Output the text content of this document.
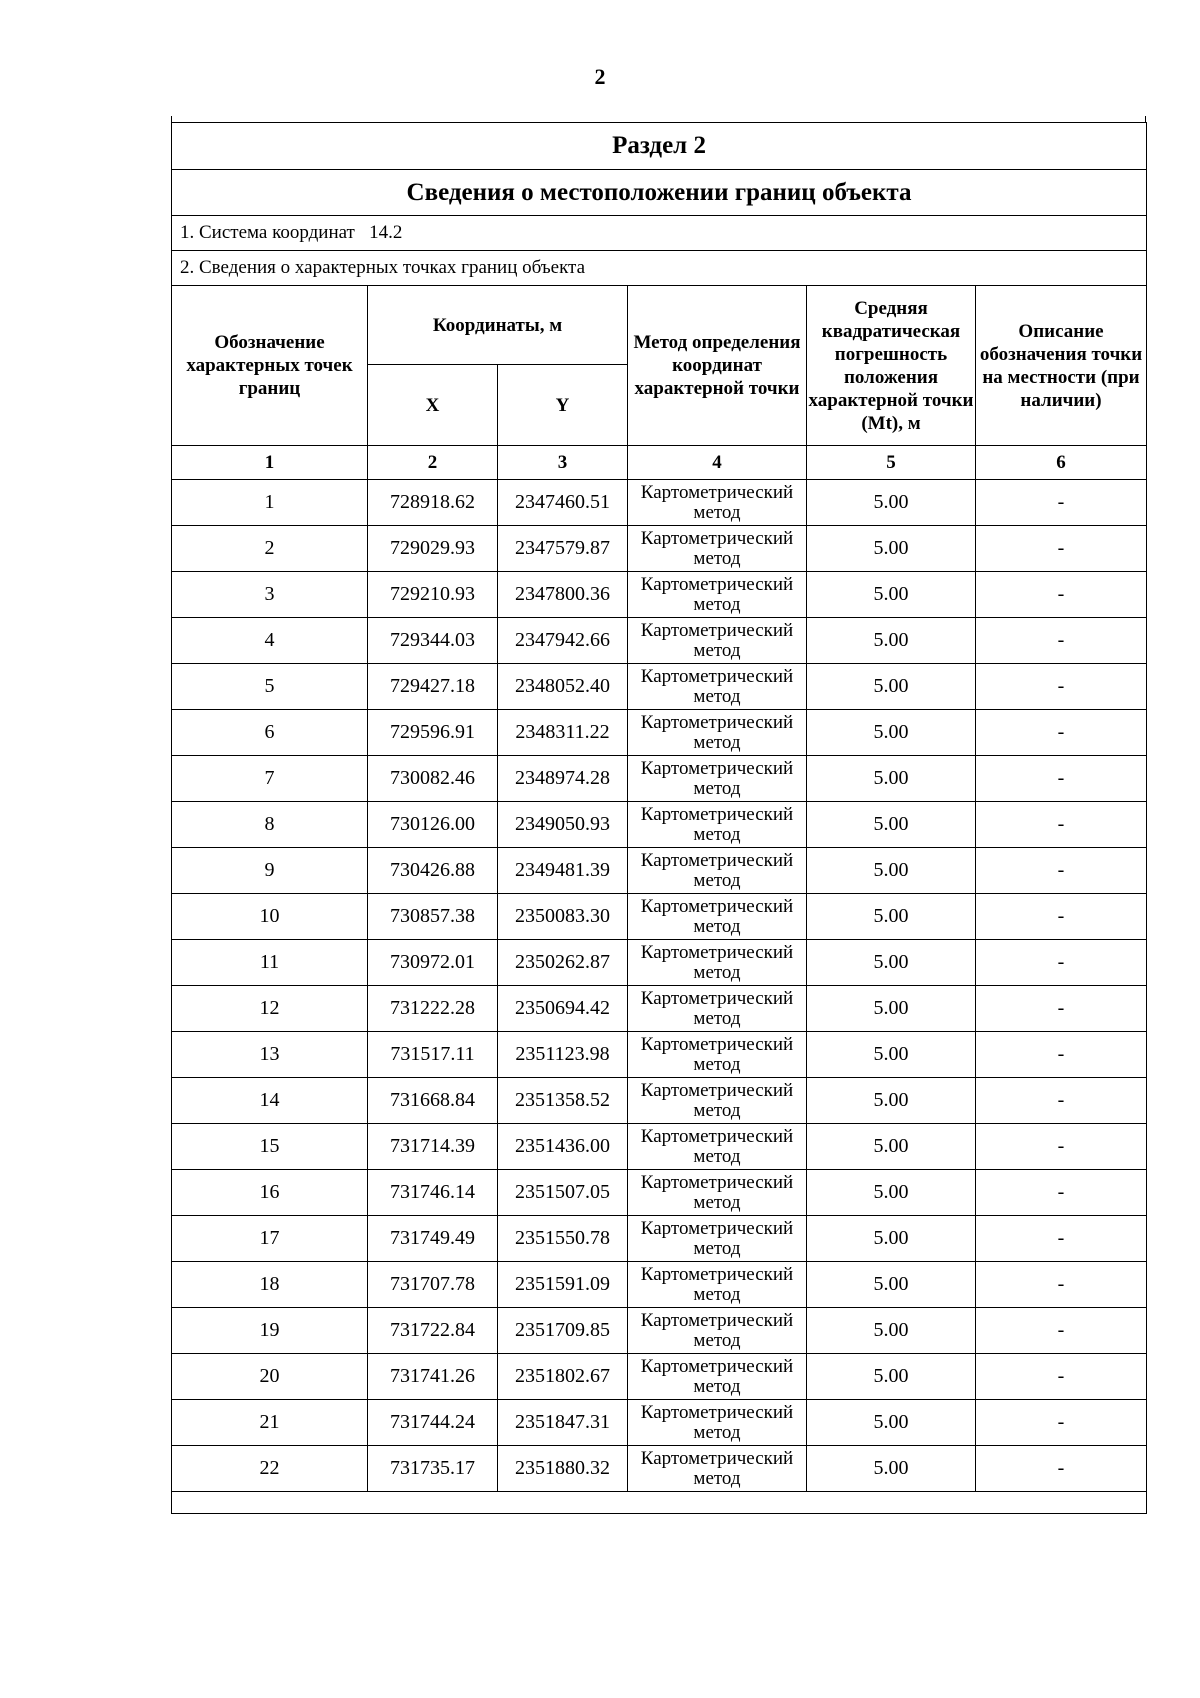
2
Раздел 2					
Сведения о местоположении границ объекта					
1. Система координат 14.2					
2. Сведения о характерных точках границ объекта					
Обозначение характерных точек границ	Координаты, м		Метод определения координат характерной точки	Средняя квадратическая погрешность положения характерной точки (Мt), м	Описание обозначения точки на местности (при наличии)
	X	Y			
1	2	3	4	5	6
1	728918.62	2347460.51	Картометрический метод	5.00	-
2	729029.93	2347579.87	Картометрический метод	5.00	-
3	729210.93	2347800.36	Картометрический метод	5.00	-
4	729344.03	2347942.66	Картометрический метод	5.00	-
5	729427.18	2348052.40	Картометрический метод	5.00	-
6	729596.91	2348311.22	Картометрический метод	5.00	-
7	730082.46	2348974.28	Картометрический метод	5.00	-
8	730126.00	2349050.93	Картометрический метод	5.00	-
9	730426.88	2349481.39	Картометрический метод	5.00	-
10	730857.38	2350083.30	Картометрический метод	5.00	-
11	730972.01	2350262.87	Картометрический метод	5.00	-
12	731222.28	2350694.42	Картометрический метод	5.00	-
13	731517.11	2351123.98	Картометрический метод	5.00	-
14	731668.84	2351358.52	Картометрический метод	5.00	-
15	731714.39	2351436.00	Картометрический метод	5.00	-
16	731746.14	2351507.05	Картометрический метод	5.00	-
17	731749.49	2351550.78	Картометрический метод	5.00	-
18	731707.78	2351591.09	Картометрический метод	5.00	-
19	731722.84	2351709.85	Картометрический метод	5.00	-
20	731741.26	2351802.67	Картометрический метод	5.00	-
21	731744.24	2351847.31	Картометрический метод	5.00	-
22	731735.17	2351880.32	Картометрический метод	5.00	-
